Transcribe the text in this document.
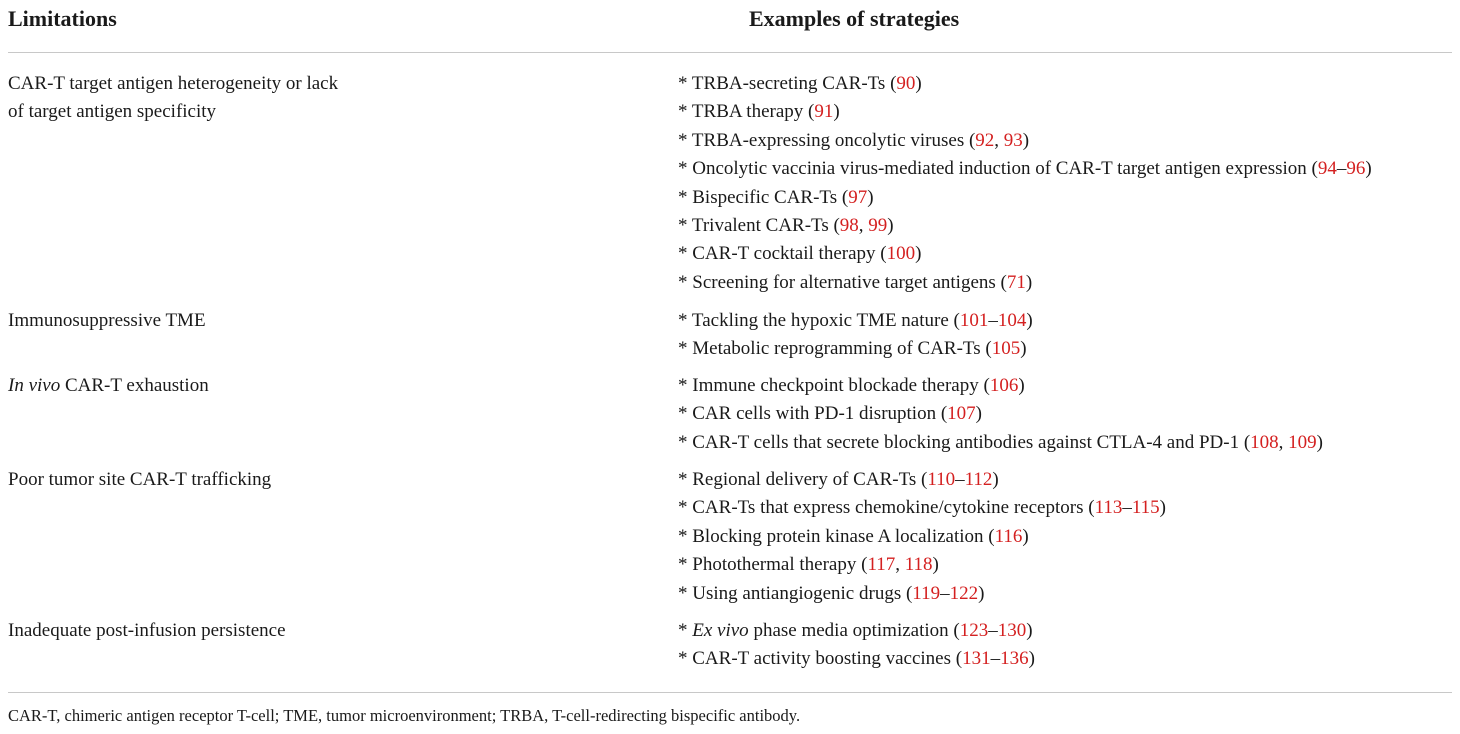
Limitations	Examples of strategies
CAR-T target antigen heterogeneity or lack
of target antigen specificity
* TRBA-secreting CAR-Ts (90)
* TRBA therapy (91)
* TRBA-expressing oncolytic viruses (92, 93)
* Oncolytic vaccinia virus-mediated induction of CAR-T target antigen expression (94–96)
* Bispecific CAR-Ts (97)
* Trivalent CAR-Ts (98, 99)
* CAR-T cocktail therapy (100)
* Screening for alternative target antigens (71)
Immunosuppressive TME	* Tackling the hypoxic TME nature (101–104)
* Metabolic reprogramming of CAR-Ts (105)
In vivo CAR-T exhaustion	* Immune checkpoint blockade therapy (106)
* CAR cells with PD-1 disruption (107)
* CAR-T cells that secrete blocking antibodies against CTLA-4 and PD-1 (108, 109)
Poor tumor site CAR-T trafficking	* Regional delivery of CAR-Ts (110–112)
* CAR-Ts that express chemokine/cytokine receptors (113–115)
* Blocking protein kinase A localization (116)
* Photothermal therapy (117, 118)
* Using antiangiogenic drugs (119–122)
Inadequate post-infusion persistence	* Ex vivo phase media optimization (123–130)
* CAR-T activity boosting vaccines (131–136)
CAR-T, chimeric antigen receptor T-cell; TME, tumor microenvironment; TRBA, T-cell-redirecting bispecific antibody.
